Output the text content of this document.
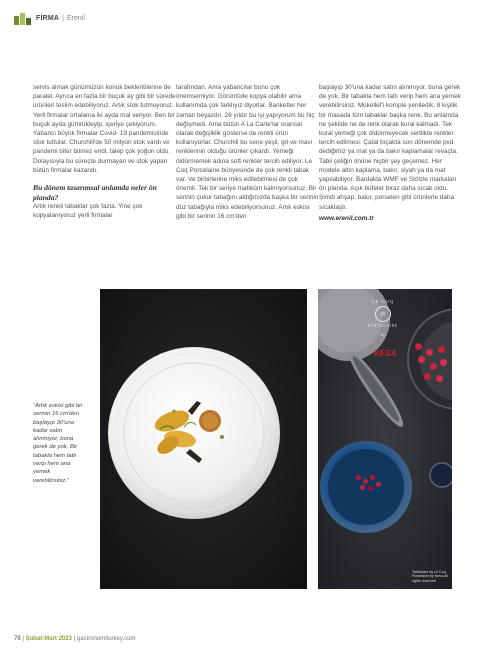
FİRMA | Erenil

servis almak günümüzün konuk beklentilerine de paralel. Ayrıca en fazla bir buçuk ay gibi bir sürede ürünleri teslim edebiliyoruz. Artık stok tutmuyoruz. Yerli firmalar ortalama iki ayda mal veriyor. Ben bir buçuk ayda gümrükleyip, içeriye çekiyorum. Yabancı büyük firmalar Covid- 19 pandemisinde stok tuttular. Churchill'de 50 milyon stok vardı ve pandemi biter bitmez eridi, talep çok yoğun oldu. Dolayısıyla bu süreçte durmayan ve stok yapan bütün firmalar kazandı.

Bu dönem tasarımsal anlamda neler ön planda?

Artık renkli tabaklar çok fazla. Yine çok kopyalanıyoruz yerli firmalar

tarafından. Ama yabancılar bunu çok önemsemiyor. Görüntüde kopya olabilir ama kullanımda çok farklıyız diyorlar. Banketler her zaman beyazdır. 26 yıldır bu işi yapıyorum bu hiç değişmedi. Ama bütün A La Carte'lar oransal olarak değişiklik gösterse de renkli ürün kullanıyorlar. Churchill bu sene yeşil, gri ve mavi renklerinin olduğu ürünler çıkardı. Yemeği öldürmemek adına soft renkler tercih ediliyor. Le Coq Porcelaine bünyesinde de çok renkli tabak var. Ve birbirlerine miks edilebilmesi de çok önemli. Tek bir seriye mahkûm kalmıyorsunuz. Bir serinin çukur tabağını aldığınızda başka bir serinin düz tabağıyla miks edebiliyorsunuz. Artık eskisi gibi bir serinin 16 cm'den

başlayıp 30'una kadar satın alınmıyor, buna gerek de yok. Bir tabakla hem tatlı verip hem ana yemek verebilirsiniz. Mükellef'i komple yeniledik, 8 kişilik bir masada tüm tabaklar başka renk. Bu anlamda ne şekilde ne de renk olarak kural kalmadı. Tek kural yemeği çok öldürmeyecek sertlikte renkler tercih edilmesi. Çatal bıçakta son dönemde pvd dediğimiz ya mat ya da bakır kaplamalar revaçta. Tabii çeliğin önüne hiçbir şey geçemez. Her modele altın kaplama, bakır, siyah ya da mat yapılabiliyor. Bardakta WMF ve Stölzle markaları ön planda. Açık büfeler biraz daha sıcak oldu. Şimdi ahşap, bakır, porselen gibi ürünlerle daha sıcaklaştı.

www.erenil.com.tr

“Artık eskisi gibi bir serinin 16 cm'den başlayıp 30'una kadar satın alınmıyor, buna gerek de yok. Bir tabakla hem tatlı verip hem ana yemek verebilirsiniz.”
LE COQ
♔
PORCELAINE
by
KESA
Tableware by Le Coq Porcelaine by Kesa All rights reserved
76 | Şubat-Mart 2023 | gastronomiturkey.com
